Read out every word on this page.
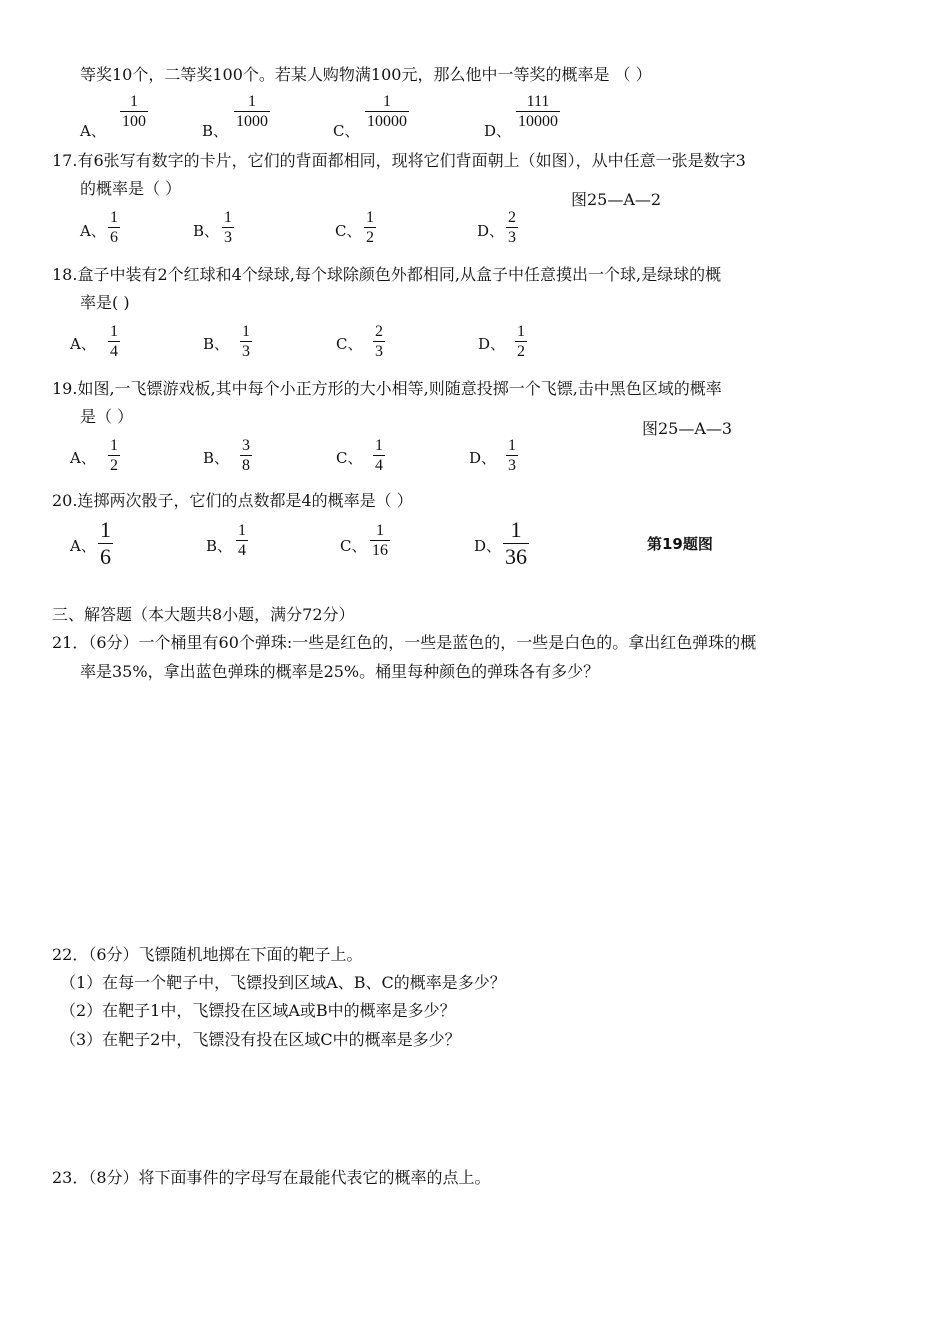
等奖10个，二等奖100个。若某人购物满100元，那么他中一等奖的概率是 （ ）
A、 $\frac{1}{100}$	B、 $\frac{1}{1000}$	C、 $\frac{1}{10000}$	D、 $\frac{111}{10000}$
17.有6张写有数字的卡片，它们的背面都相同，现将它们背面朝上（如图），从中任意一张是数字3
的概率是（ ）
图25—A—2
A、 $\frac{1}{6}$	B、 $\frac{1}{3}$	C、 $\frac{1}{2}$	D、 $\frac{2}{3}$
18.盒子中装有2个红球和4个绿球,每个球除颜色外都相同,从盒子中任意摸出一个球,是绿球的概
率是( )
A、 $\frac{1}{4}$	B、 $\frac{1}{3}$	C、 $\frac{2}{3}$	D、 $\frac{1}{2}$
19.如图,一飞镖游戏板,其中每个小正方形的大小相等,则随意投掷一个飞镖,击中黑色区域的概率
是（ ）
图25—A—3
A、 $\frac{1}{2}$	B、 $\frac{3}{8}$	C、 $\frac{1}{4}$	D、 $\frac{1}{3}$
20.连掷两次骰子，它们的点数都是4的概率是（ ）
第19题图
A、 $\frac{1}{6}$	B、 $\frac{1}{4}$	C、 $\frac{1}{16}$	D、 $\frac{1}{36}$
三、解答题（本大题共8小题，满分72分）
21．（6分）一个桶里有60个弹珠:一些是红色的，一些是蓝色的，一些是白色的。拿出红色弹珠的概
率是35%，拿出蓝色弹珠的概率是25%。桶里每种颜色的弹珠各有多少？
22．（6分）飞镖随机地掷在下面的靶子上。
（1）在每一个靶子中，飞镖投到区域A、B、C的概率是多少？
（2）在靶子1中，飞镖投在区域A或B中的概率是多少？
（3）在靶子2中，飞镖没有投在区域C中的概率是多少？
23．（8分）将下面事件的字母写在最能代表它的概率的点上。
